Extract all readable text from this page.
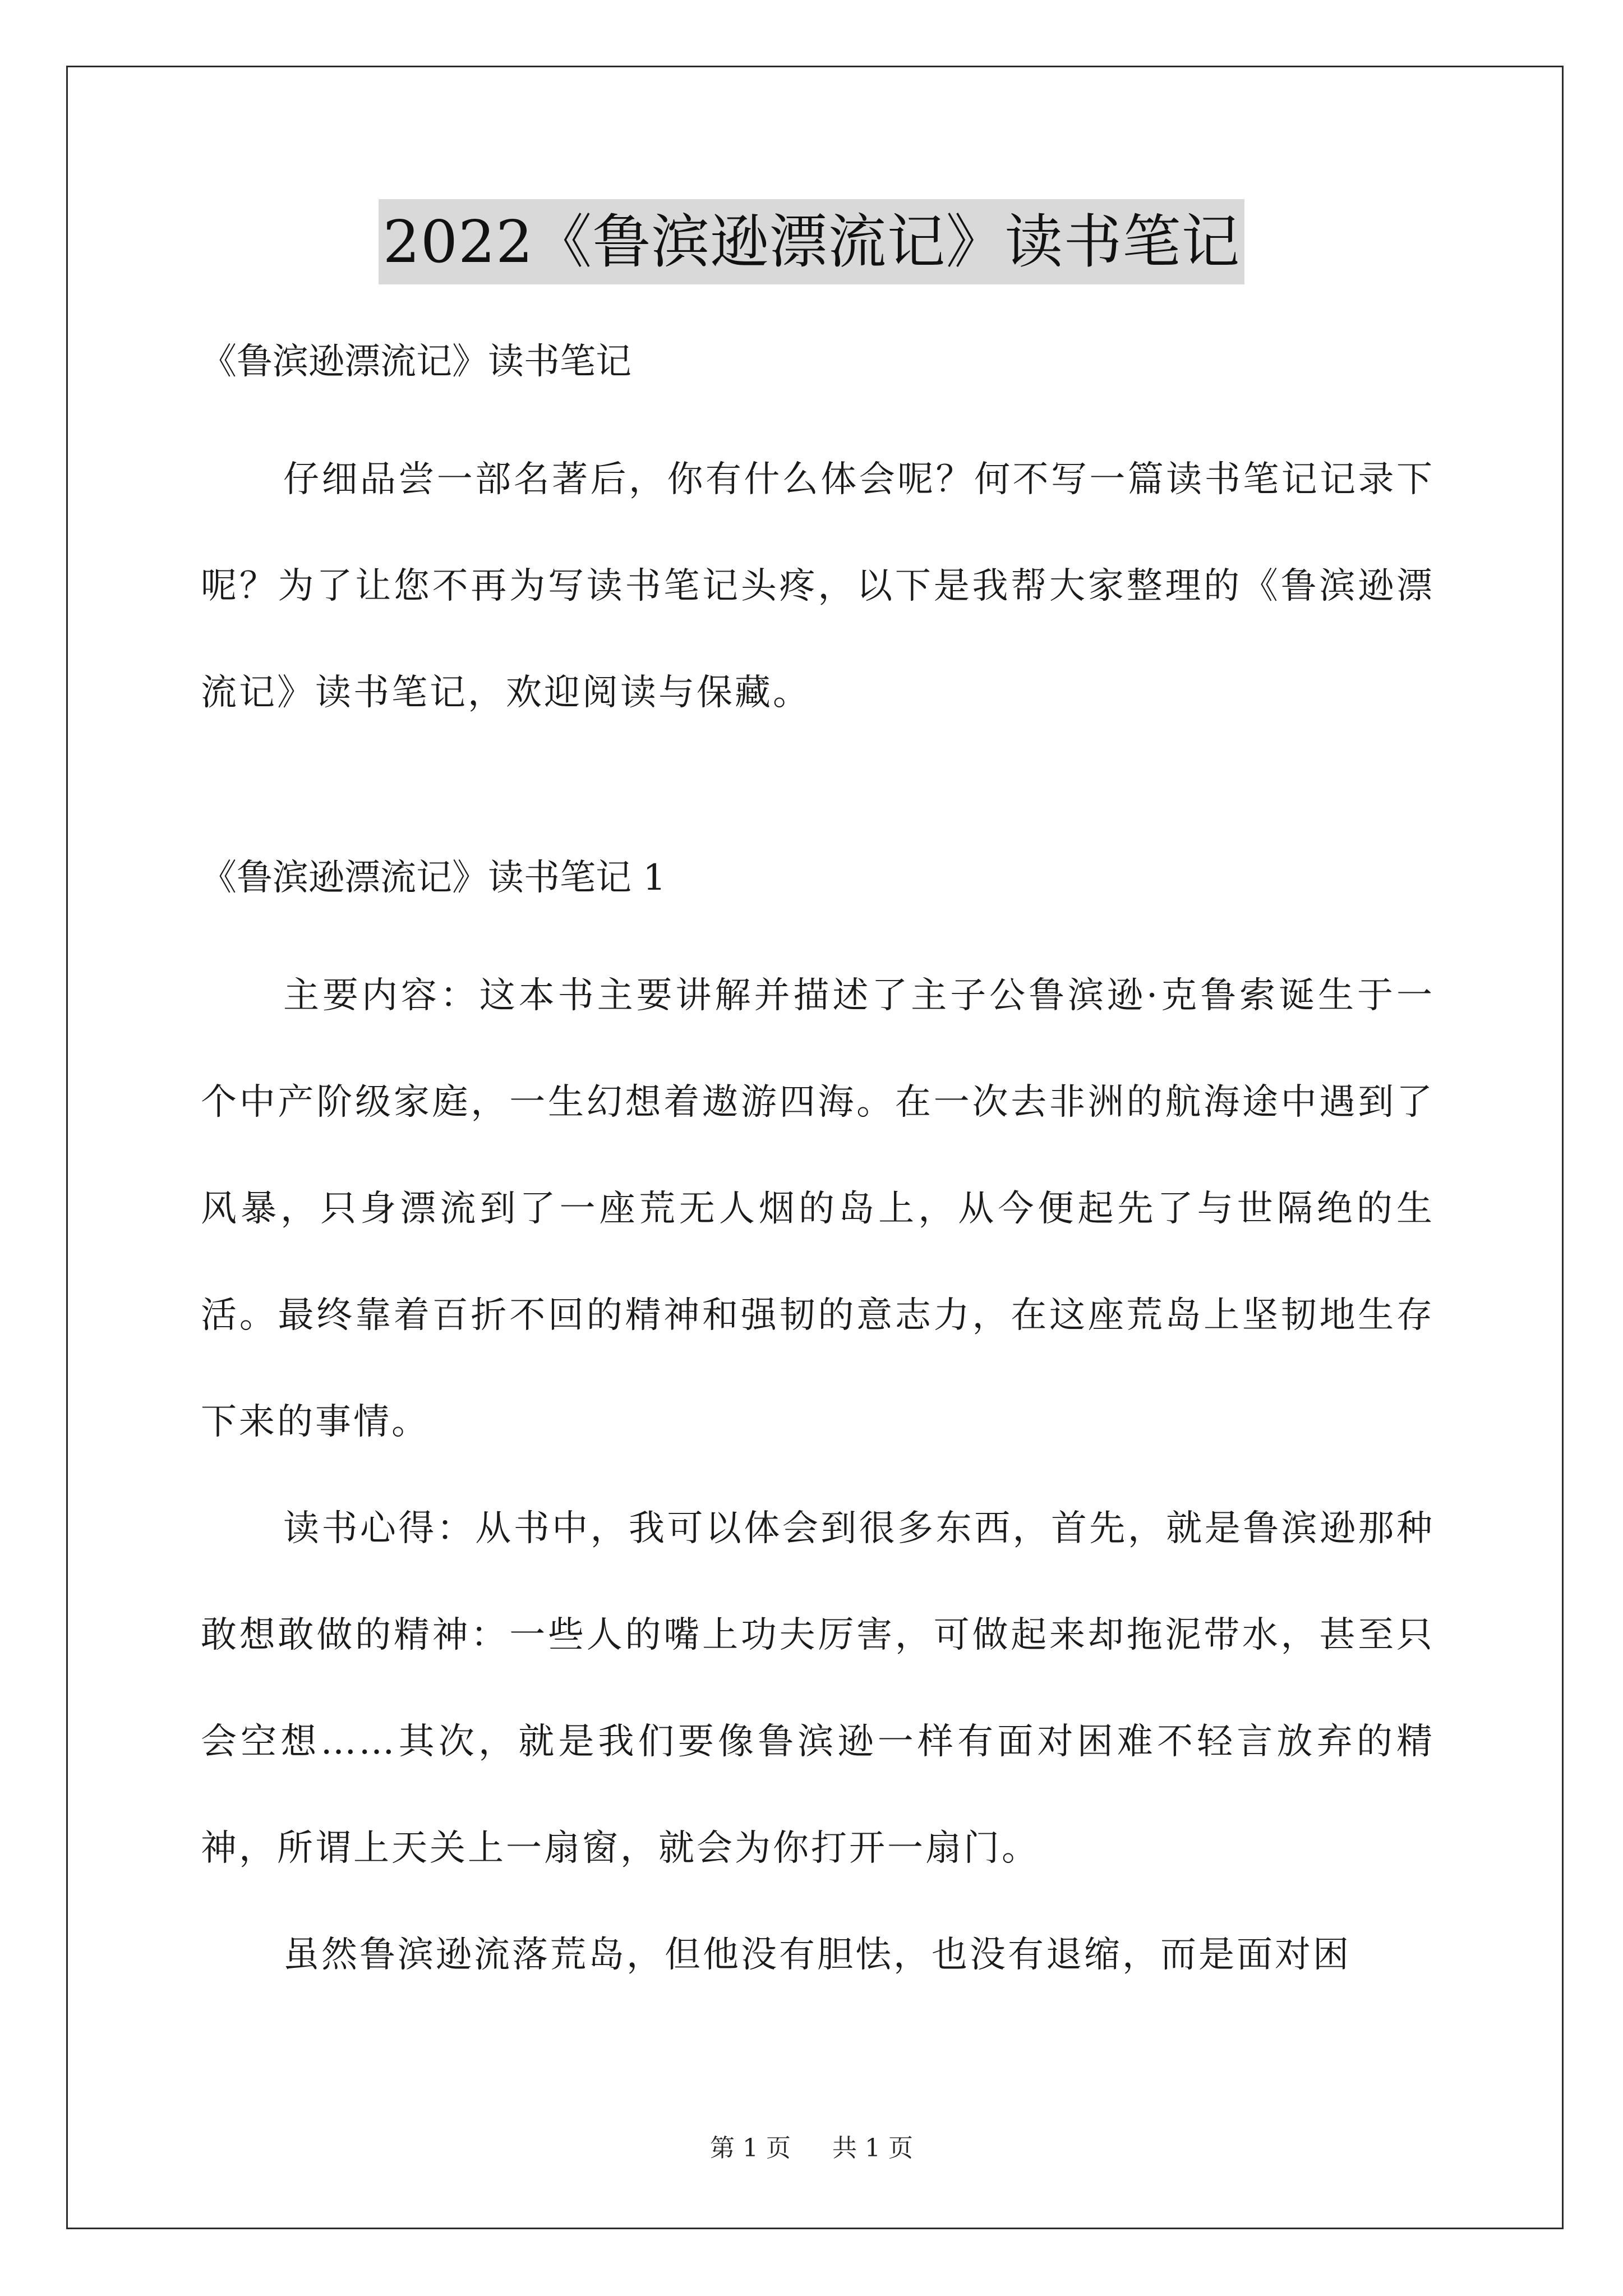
2022《鲁滨逊漂流记》读书笔记

《鲁滨逊漂流记》读书笔记

仔细品尝一部名著后，你有什么体会呢？何不写一篇读书笔记记录下呢？为了让您不再为写读书笔记头疼，以下是我帮大家整理的《鲁滨逊漂流记》读书笔记，欢迎阅读与保藏。

《鲁滨逊漂流记》读书笔记 1

主要内容：这本书主要讲解并描述了主子公鲁滨逊·克鲁索诞生于一个中产阶级家庭，一生幻想着遨游四海。在一次去非洲的航海途中遇到了风暴，只身漂流到了一座荒无人烟的岛上，从今便起先了与世隔绝的生活。最终靠着百折不回的精神和强韧的意志力，在这座荒岛上坚韧地生存下来的事情。

读书心得：从书中，我可以体会到很多东西，首先，就是鲁滨逊那种敢想敢做的精神：一些人的嘴上功夫厉害，可做起来却拖泥带水，甚至只会空想……其次，就是我们要像鲁滨逊一样有面对困难不轻言放弃的精神，所谓上天关上一扇窗，就会为你打开一扇门。

虽然鲁滨逊流落荒岛，但他没有胆怯，也没有退缩，而是面对困

第 1 页 共 1 页
